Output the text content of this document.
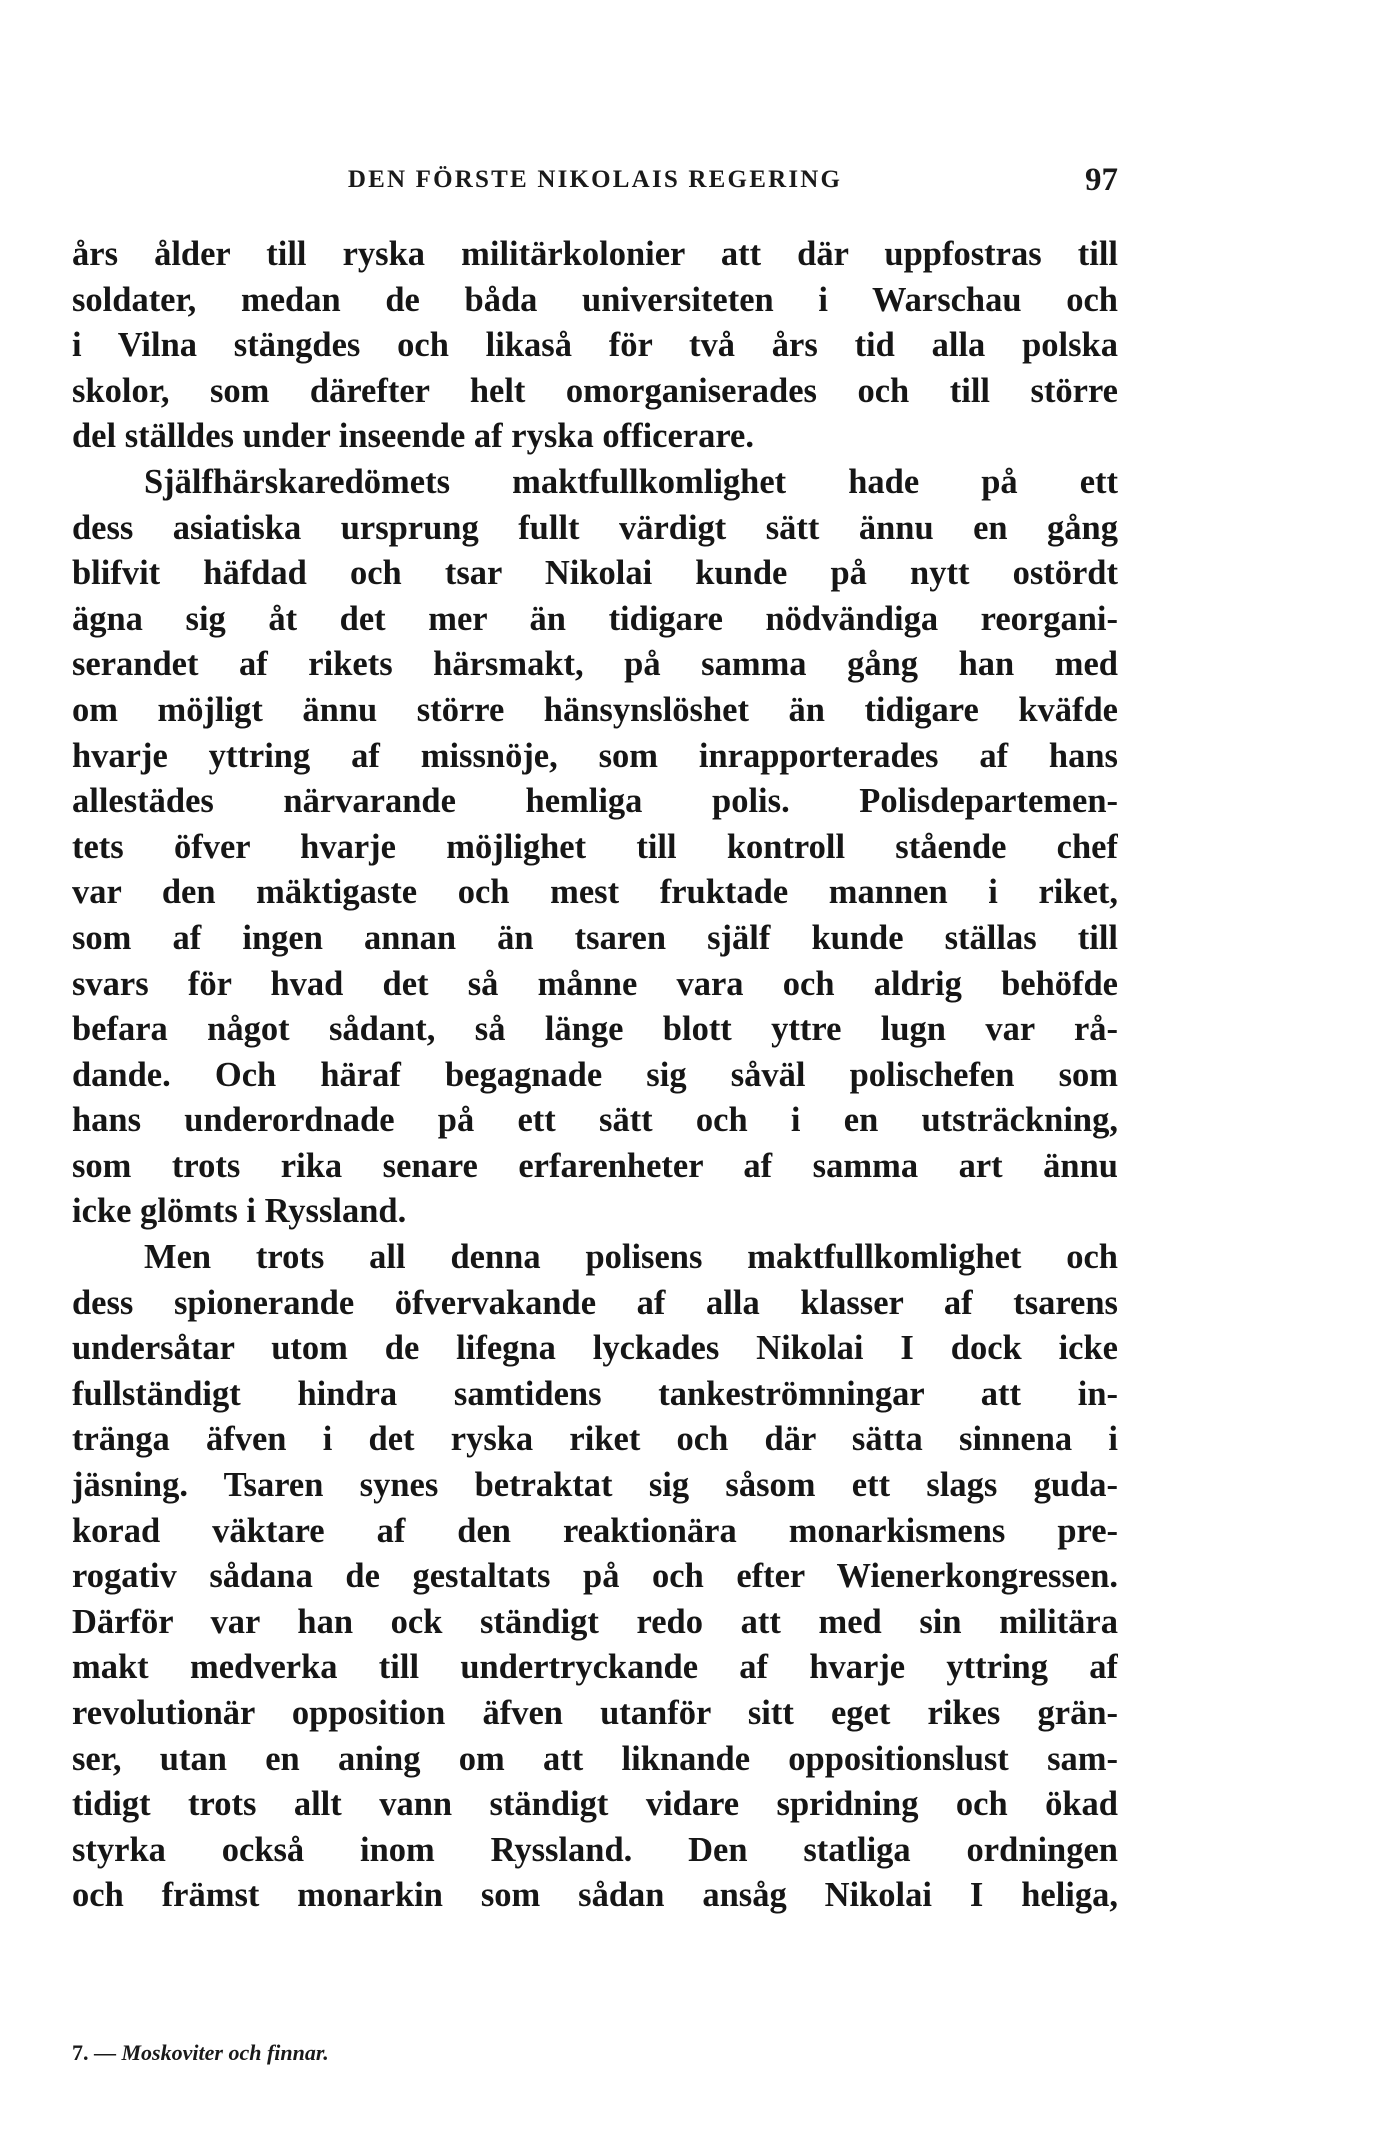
DEN FÖRSTE NIKOLAIS REGERING	97
års ålder till ryska militärkolonier att där uppfostras till
soldater, medan de båda universiteten i Warschau och
i Vilna stängdes och likaså för två års tid alla polska
skolor, som därefter helt omorganiserades och till större
del ställdes under inseende af ryska officerare.
Själfhärskaredömets maktfullkomlighet hade på ett
dess asiatiska ursprung fullt värdigt sätt ännu en gång
blifvit häfdad och tsar Nikolai kunde på nytt ostördt
ägna sig åt det mer än tidigare nödvändiga reorgani-
serandet af rikets härsmakt, på samma gång han med
om möjligt ännu större hänsynslöshet än tidigare kväfde
hvarje yttring af missnöje, som inrapporterades af hans
allestädes närvarande hemliga polis. Polisdepartemen-
tets öfver hvarje möjlighet till kontroll stående chef
var den mäktigaste och mest fruktade mannen i riket,
som af ingen annan än tsaren själf kunde ställas till
svars för hvad det så månne vara och aldrig behöfde
befara något sådant, så länge blott yttre lugn var rå-
dande. Och häraf begagnade sig såväl polischefen som
hans underordnade på ett sätt och i en utsträckning,
som trots rika senare erfarenheter af samma art ännu
icke glömts i Ryssland.
Men trots all denna polisens maktfullkomlighet och
dess spionerande öfvervakande af alla klasser af tsarens
undersåtar utom de lifegna lyckades Nikolai I dock icke
fullständigt hindra samtidens tankeströmningar att in-
tränga äfven i det ryska riket och där sätta sinnena i
jäsning. Tsaren synes betraktat sig såsom ett slags guda-
korad väktare af den reaktionära monarkismens pre-
rogativ sådana de gestaltats på och efter Wienerkongressen.
Därför var han ock ständigt redo att med sin militära
makt medverka till undertryckande af hvarje yttring af
revolutionär opposition äfven utanför sitt eget rikes grän-
ser, utan en aning om att liknande oppositionslust sam-
tidigt trots allt vann ständigt vidare spridning och ökad
styrka också inom Ryssland. Den statliga ordningen
och främst monarkin som sådan ansåg Nikolai I heliga,
7. — Moskoviter och finnar.
